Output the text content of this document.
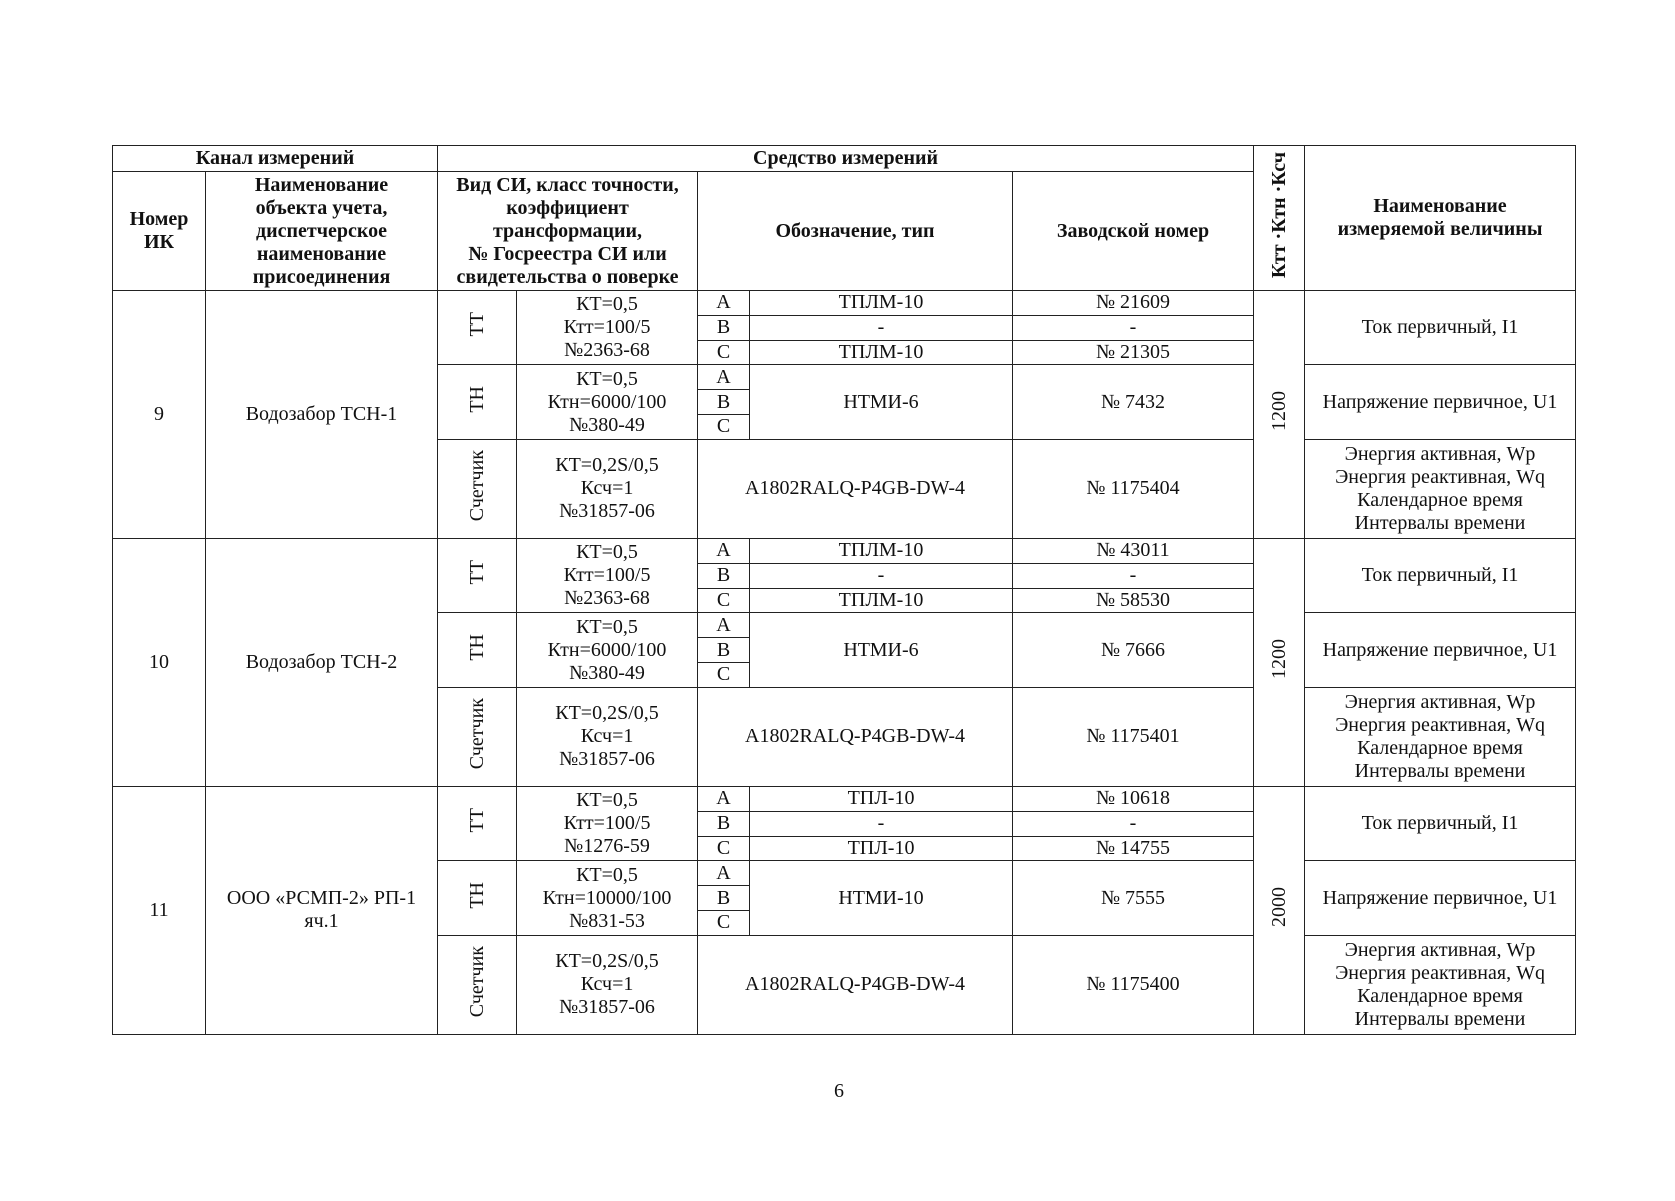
Канал измерений		Средство измерений					Ктт ·Ктн ·Ксч	Наименование
измеряемой величины

Номер ИК	Наименование
объекта учета,
диспетчерское
наименование
присоединения	Вид СИ, класс точности,
коэффициент
трансформации,
№ Госреестра СИ или
свидетельства о поверке		Обозначение, тип		Заводской номер		
9	Водозабор ТСН-1	ТТ	КТ=0,5
Ктт=100/5
№2363-68	A	ТПЛМ-10	№ 21609	1200	Ток первичный, I1
				B	-	-		
				C	ТПЛМ-10	№ 21305		
		ТН	КТ=0,5
Ктн=6000/100
№380-49	A	НТМИ-6	№ 7432		Напряжение первичное, U1
				B				
				C				
		Счетчик	КТ=0,2S/0,5
Ксч=1
№31857-06	A1802RALQ-P4GB-DW-4		№ 1175404		Энергия активная, Wp
Энергия реактивная, Wq
Календарное время
Интервалы времени

10	Водозабор ТСН-2	ТТ	КТ=0,5
Ктт=100/5
№2363-68	A	ТПЛМ-10	№ 43011	1200	Ток первичный, I1
				B	-	-		
				C	ТПЛМ-10	№ 58530		
		ТН	КТ=0,5
Ктн=6000/100
№380-49	A	НТМИ-6	№ 7666		Напряжение первичное, U1
				B				
				C				
		Счетчик	КТ=0,2S/0,5
Ксч=1
№31857-06	A1802RALQ-P4GB-DW-4		№ 1175401		Энергия активная, Wp
Энергия реактивная, Wq
Календарное время
Интервалы времени

11	ООО «РСМП-2» РП-1 яч.1	ТТ	КТ=0,5
Ктт=100/5
№1276-59	A	ТПЛ-10	№ 10618	2000	Ток первичный, I1
				B	-	-		
				C	ТПЛ-10	№ 14755		
		ТН	КТ=0,5
Ктн=10000/100
№831-53	A	НТМИ-10	№ 7555		Напряжение первичное, U1
				B				
				C				
		Счетчик	КТ=0,2S/0,5
Ксч=1
№31857-06	A1802RALQ-P4GB-DW-4		№ 1175400		Энергия активная, Wp
Энергия реактивная, Wq
Календарное время
Интервалы времени

6
